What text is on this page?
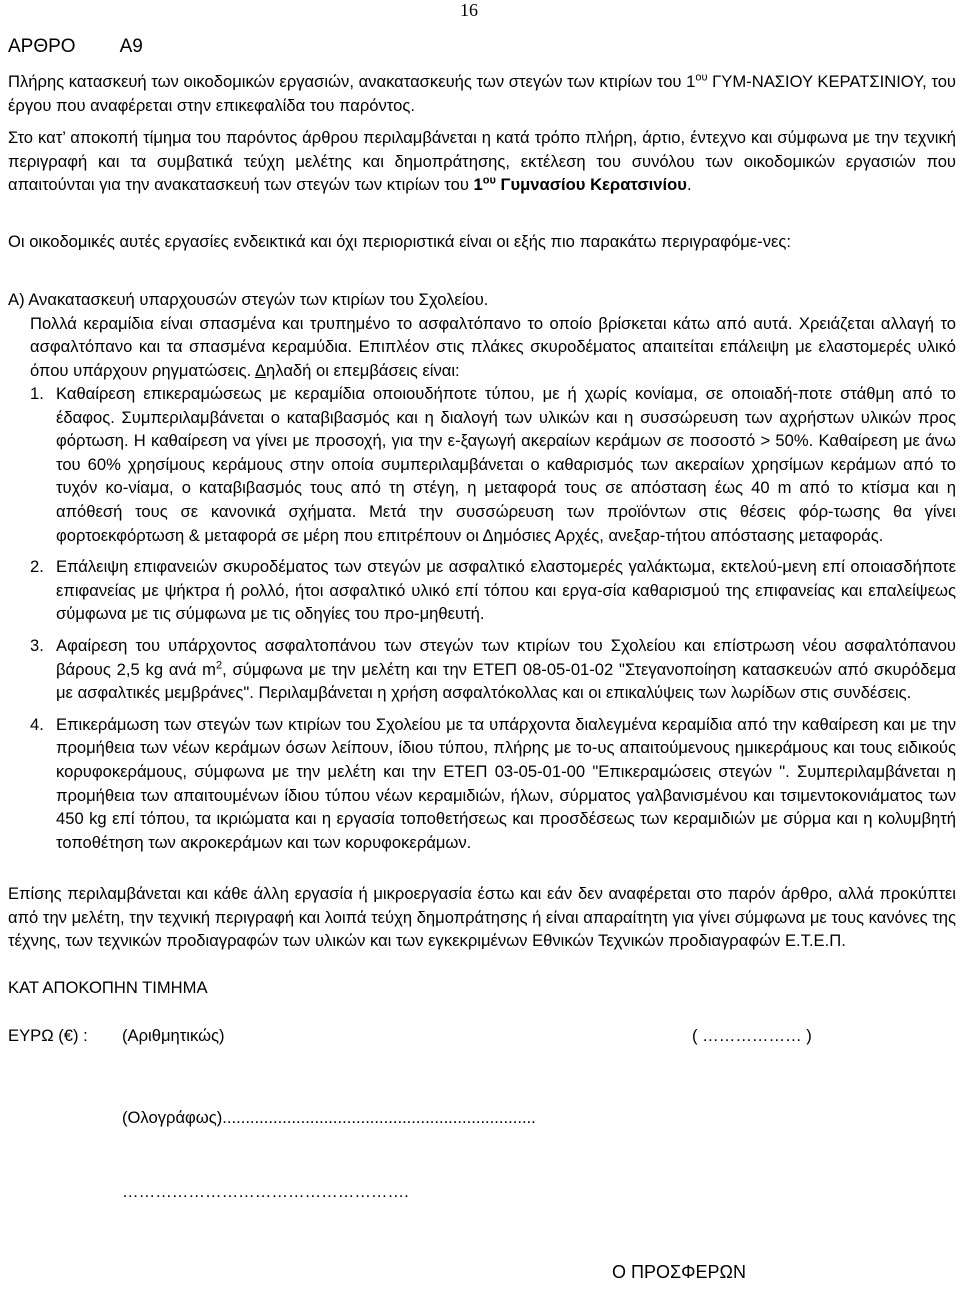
16
ΑΡΘΡΟ Α9

Πλήρης κατασκευή των οικοδομικών εργασιών, ανακατασκευής των στεγών των κτιρίων του $1^{o\upsilon}$ ΓΥΜ-ΝΑΣΙΟΥ ΚΕΡΑΤΣΙΝΙΟΥ, του έργου που αναφέρεται στην επικεφαλίδα του παρόντος.

Στο κατ’ αποκοπή τίμημα του παρόντος άρθρου περιλαμβάνεται η κατά τρόπο πλήρη, άρτιο, έντεχνο και σύμφωνα με την τεχνική περιγραφή και τα συμβατικά τεύχη μελέτης και δημοπράτησης, εκτέλεση του συνόλου των οικοδομικών εργασιών που απαιτούνται για την ανακατασκευή των στεγών των κτιρίων του $1^{o\upsilon}$ Γυμνασίου Κερατσινίου.

Οι οικοδομικές αυτές εργασίες ενδεικτικά και όχι περιοριστικά είναι οι εξής πιο παρακάτω περιγραφόμε-νες:

Α) Ανακατασκευή υπαρχουσών στεγών των κτιρίων του Σχολείου.

Πολλά κεραμίδια είναι σπασμένα και τρυπημένο το ασφαλτόπανο το οποίο βρίσκεται κάτω από αυτά. Χρειάζεται αλλαγή το ασφαλτόπανο και τα σπασμένα κεραμύδια. Επιπλέον στις πλάκες σκυροδέματος απαιτείται επάλειψη με ελαστομερές υλικό όπου υπάρχουν ρηγματώσεις. Δηλαδή οι επεμβάσεις είναι:
1. Καθαίρεση επικεραμώσεως με κεραμίδια οποιουδήποτε τύπου, με ή χωρίς κονίαμα, σε οποιαδή-ποτε στάθμη από το έδαφος. Συμπεριλαμβάνεται ο καταβιβασμός και η διαλογή των υλικών και η συσσώρευση των αχρήστων υλικών προς φόρτωση. Η καθαίρεση να γίνει με προσοχή, για την ε-ξαγωγή ακεραίων κεράμων σε ποσοστό > 50%. Καθαίρεση με άνω του 60% χρησίμους κεράμους στην οποία συμπεριλαμβάνεται ο καθαρισμός των ακεραίων χρησίμων κεράμων από το τυχόν κο-νίαμα, ο καταβιβασμός τους από τη στέγη, η μεταφορά τους σε απόσταση έως 40 m από το κτίσμα και η απόθεσή τους σε κανονικά σχήματα. Μετά την συσσώρευση των προϊόντων στις θέσεις φόρ-τωσης θα γίνει φορτοεκφόρτωση & μεταφορά σε μέρη που επιτρέπουν οι Δημόσιες Αρχές, ανεξαρ-τήτου απόστασης μεταφοράς.
2. Επάλειψη επιφανειών σκυροδέματος των στεγών με ασφαλτικό ελαστομερές γαλάκτωμα, εκτελού-μενη επί οποιασδήποτε επιφανείας με ψήκτρα ή ρολλό, ήτοι ασφαλτικό υλικό επί τόπου και εργα-σία καθαρισμού της επιφανείας και επαλείψεως σύμφωνα με τις σύμφωνα με τις οδηγίες του προ-μηθευτή.
3. Αφαίρεση του υπάρχοντος ασφαλτοπάνου των στεγών των κτιρίων του Σχολείου και επίστρωση νέου ασφαλτόπανου βάρους 2,5 kg ανά $m^2$, σύμφωνα με την μελέτη και την ΕΤΕΠ 08-05-01-02 "Στεγανοποίηση κατασκευών από σκυρόδεμα με ασφαλτικές μεμβράνες". Περιλαμβάνεται η χρήση ασφαλτόκολλας και οι επικαλύψεις των λωρίδων στις συνδέσεις.
4. Επικεράμωση των στεγών των κτιρίων του Σχολείου με τα υπάρχοντα διαλεγμένα κεραμίδια από την καθαίρεση και με την προμήθεια των νέων κεράμων όσων λείπουν, ίδιου τύπου, πλήρης με το-υς απαιτούμενους ημικεράμους και τους ειδικούς κορυφοκεράμους, σύμφωνα με την μελέτη και την ΕΤΕΠ 03-05-01-00 "Επικεραμώσεις στεγών ". Συμπεριλαμβάνεται η προμήθεια των απαιτουμένων ίδιου τύπου νέων κεραμιδιών, ήλων, σύρματος γαλβανισμένου και τσιμεντοκονιάματος των 450 kg επί τόπου, τα ικριώματα και η εργασία τοποθετήσεως και προσδέσεως των κεραμιδιών με σύρμα και η κολυμβητή τοποθέτηση των ακροκεράμων και των κορυφοκεράμων.

Επίσης περιλαμβάνεται και κάθε άλλη εργασία ή μικροεργασία έστω και εάν δεν αναφέρεται στο παρόν άρθρο, αλλά προκύπτει από την μελέτη, την τεχνική περιγραφή και λοιπά τεύχη δημοπράτησης ή είναι απαραίτητη για γίνει σύμφωνα με τους κανόνες της τέχνης, των τεχνικών προδιαγραφών των υλικών και των εγκεκριμένων Εθνικών Τεχνικών προδιαγραφών Ε.Τ.Ε.Π.

ΚΑΤ ΑΠΟΚΟΠΗΝ ΤΙΜΗΜΑ
ΕΥΡΩ (€) : (Αριθμητικώς)	( ……………… )
(Ολογράφως)....................................................................
…………………………………………….
Ο ΠΡΟΣΦΕΡΩΝ
